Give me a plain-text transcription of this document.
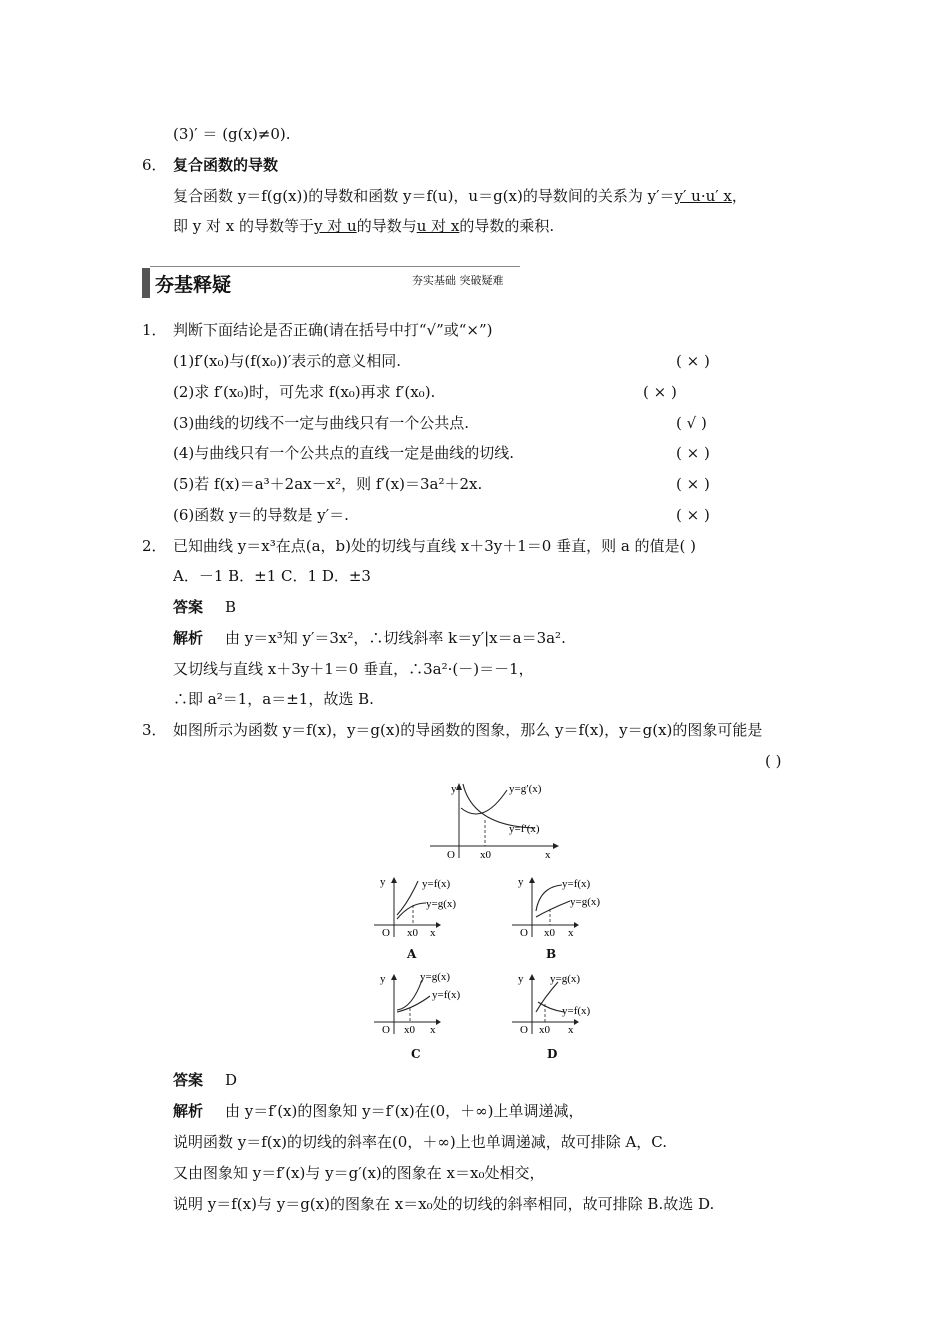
(3)′ ＝ (g(x)≠0).
6． 复合函数的导数
复合函数 y＝f(g(x))的导数和函数 y＝f(u)，u＝g(x)的导数间的关系为 y′＝y′ u·u′ x，
即 y 对 x 的导数等于y 对 u的导数与u 对 x的导数的乘积.
夯基释疑	夯实基础 突破疑难
1． 判断下面结论是否正确(请在括号中打“√”或“×”)
(1)f′(x₀)与(f(x₀))′表示的意义相同.	( × )
(2)求 f′(x₀)时，可先求 f(x₀)再求 f′(x₀).	( × )
(3)曲线的切线不一定与曲线只有一个公共点.	( √ )
(4)与曲线只有一个公共点的直线一定是曲线的切线.	( × )
(5)若 f(x)＝a³＋2ax－x²，则 f′(x)＝3a²＋2x.	( × )
(6)函数 y＝的导数是 y′＝.	( × )
2． 已知曲线 y＝x³在点(a，b)处的切线与直线 x＋3y＋1＝0 垂直，则 a 的值是( )
A．－1 B．±1 C．1 D．±3
答案 B
解析 由 y＝x³知 y′＝3x²，∴切线斜率 k＝y′|x＝a＝3a².
又切线与直线 x＋3y＋1＝0 垂直，∴3a²·(－)＝－1，
∴即 a²＝1，a＝±1，故选 B.
3． 如图所示为函数 y＝f(x)，y＝g(x)的导函数的图象，那么 y＝f(x)，y＝g(x)的图象可能是
( )
y
x
O x0
y=g′(x)
y=f′(x)
y
x
O x0
y=f(x)
y=g(x)
A
y
x
O x0
y=f(x)
y=g(x)
B
y
x
O x0
y=g(x)
y=f(x)
C
y
x
O x0
y=g(x)
y=f(x)
D
答案 D
解析 由 y＝f′(x)的图象知 y＝f′(x)在(0，＋∞)上单调递减，
说明函数 y＝f(x)的切线的斜率在(0，＋∞)上也单调递减，故可排除 A，C.
又由图象知 y＝f′(x)与 y＝g′(x)的图象在 x＝x₀处相交，
说明 y＝f(x)与 y＝g(x)的图象在 x＝x₀处的切线的斜率相同，故可排除 B.故选 D.
